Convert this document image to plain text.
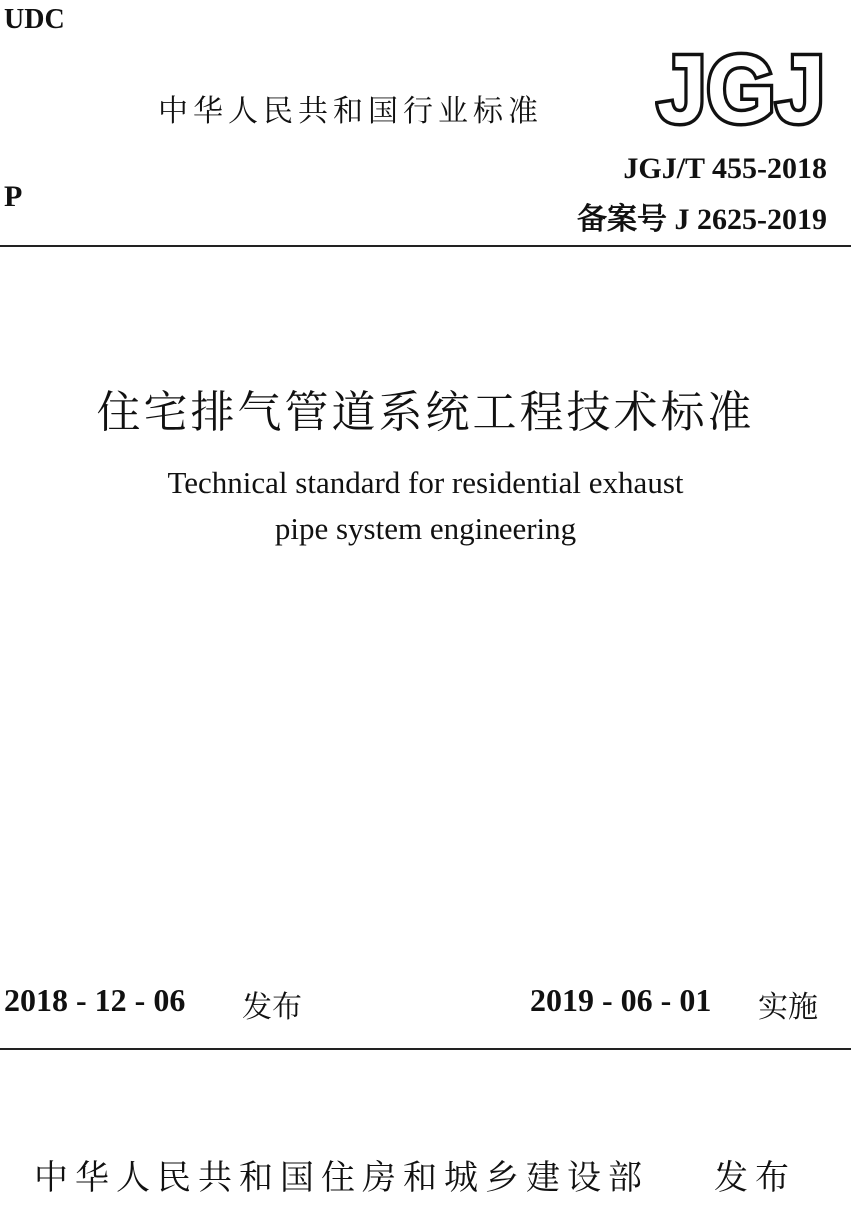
UDC
P
中华人民共和国行业标准 JGJ
JGJ/T 455-2018
备案号 J 2625-2019
住宅排气管道系统工程技术标准
Technical standard for residential exhaust
pipe system engineering
2018 - 12 - 06 发布	2019 - 06 - 01 实施
中华人民共和国住房和城乡建设部 发布
